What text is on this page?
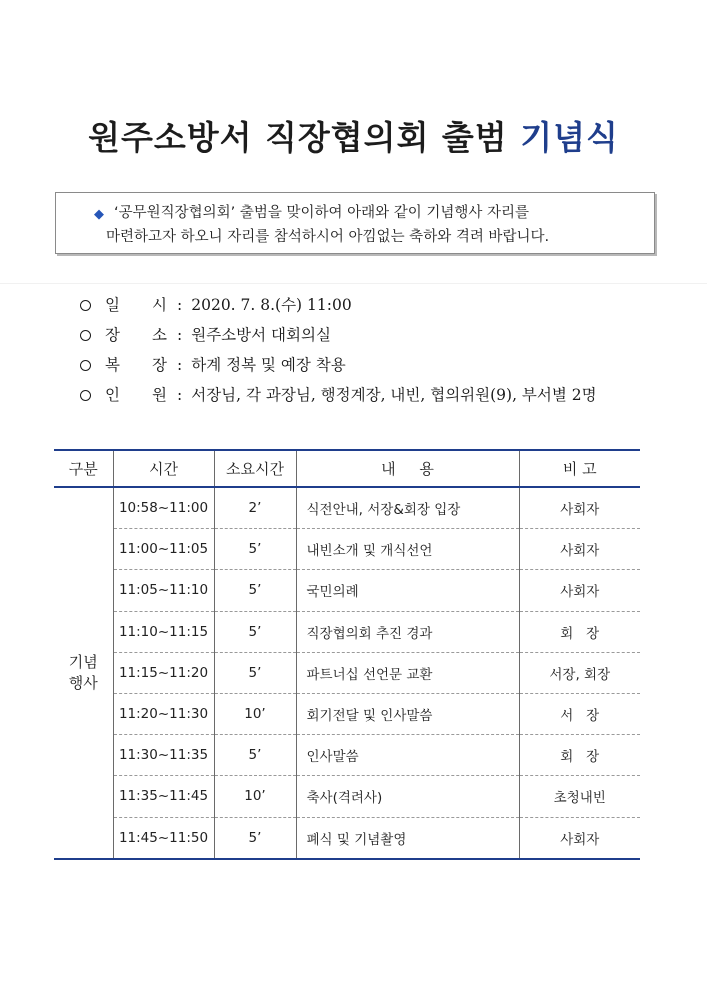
원주소방서 직장협의회 출범 기념식
◆ ‘공무원직장협의회’ 출범을 맞이하여 아래와 같이 기념행사 자리를
마련하고자 하오니 자리를 참석하시어 아낌없는 축하와 격려 바랍니다.
일 시 : 2020. 7. 8.(수) 11:00
장 소 : 원주소방서 대회의실
복 장 : 하계 정복 및 예장 착용
인 원 : 서장님, 각 과장님, 행정계장, 내빈, 협의위원(9), 부서별 2명
구분	시간	소요시간	내     용	비 고
기념
행사	10:58~11:00	2’	식전안내, 서장&회장 입장	사회자
	11:00~11:05	5’	내빈소개 및 개식선언	사회자
	11:05~11:10	5’	국민의례	사회자
	11:10~11:15	5’	직장협의회 추진 경과	회   장
	11:15~11:20	5’	파트너십 선언문 교환	서장, 회장
	11:20~11:30	10’	회기전달 및 인사말씀	서   장
	11:30~11:35	5’	인사말씀	회   장
	11:35~11:45	10’	축사(격려사)	초청내빈
	11:45~11:50	5’	폐식 및 기념촬영	사회자
